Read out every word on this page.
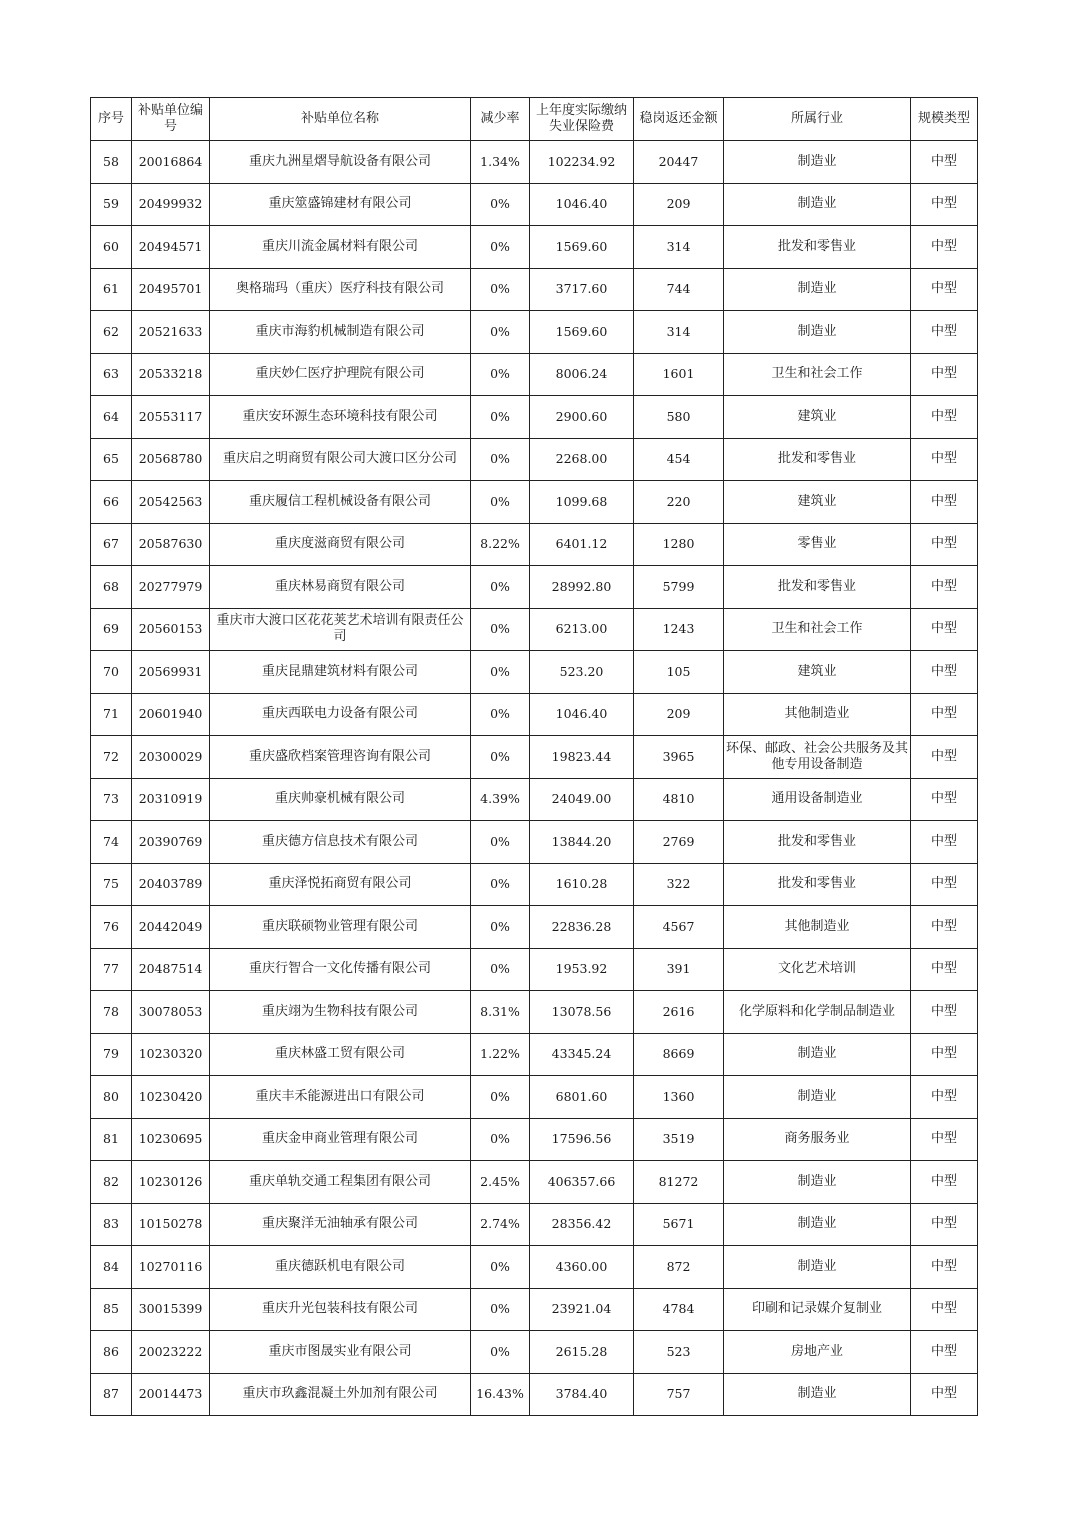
序号	补贴单位编号	补贴单位名称	减少率	上年度实际缴纳失业保险费	稳岗返还金额	所属行业	规模类型
58	20016864	重庆九洲星熠导航设备有限公司	1.34%	102234.92	20447	制造业	中型
59	20499932	重庆筮盛锦建材有限公司	0%	1046.40	209	制造业	中型
60	20494571	重庆川流金属材料有限公司	0%	1569.60	314	批发和零售业	中型
61	20495701	奥格瑞玛（重庆）医疗科技有限公司	0%	3717.60	744	制造业	中型
62	20521633	重庆市海豹机械制造有限公司	0%	1569.60	314	制造业	中型
63	20533218	重庆妙仁医疗护理院有限公司	0%	8006.24	1601	卫生和社会工作	中型
64	20553117	重庆安环源生态环境科技有限公司	0%	2900.60	580	建筑业	中型
65	20568780	重庆启之明商贸有限公司大渡口区分公司	0%	2268.00	454	批发和零售业	中型
66	20542563	重庆履信工程机械设备有限公司	0%	1099.68	220	建筑业	中型
67	20587630	重庆度滋商贸有限公司	8.22%	6401.12	1280	零售业	中型
68	20277979	重庆林易商贸有限公司	0%	28992.80	5799	批发和零售业	中型
69	20560153	重庆市大渡口区花花荚艺术培训有限责任公司	0%	6213.00	1243	卫生和社会工作	中型
70	20569931	重庆昆鼎建筑材料有限公司	0%	523.20	105	建筑业	中型
71	20601940	重庆西联电力设备有限公司	0%	1046.40	209	其他制造业	中型
72	20300029	重庆盛欣档案管理咨询有限公司	0%	19823.44	3965	环保、邮政、社会公共服务及其他专用设备制造	中型
73	20310919	重庆帅豪机械有限公司	4.39%	24049.00	4810	通用设备制造业	中型
74	20390769	重庆德方信息技术有限公司	0%	13844.20	2769	批发和零售业	中型
75	20403789	重庆泽悦拓商贸有限公司	0%	1610.28	322	批发和零售业	中型
76	20442049	重庆联硕物业管理有限公司	0%	22836.28	4567	其他制造业	中型
77	20487514	重庆行智合一文化传播有限公司	0%	1953.92	391	文化艺术培训	中型
78	30078053	重庆翊为生物科技有限公司	8.31%	13078.56	2616	化学原料和化学制品制造业	中型
79	10230320	重庆林盛工贸有限公司	1.22%	43345.24	8669	制造业	中型
80	10230420	重庆丰禾能源进出口有限公司	0%	6801.60	1360	制造业	中型
81	10230695	重庆金申商业管理有限公司	0%	17596.56	3519	商务服务业	中型
82	10230126	重庆单轨交通工程集团有限公司	2.45%	406357.66	81272	制造业	中型
83	10150278	重庆聚洋无油轴承有限公司	2.74%	28356.42	5671	制造业	中型
84	10270116	重庆德跃机电有限公司	0%	4360.00	872	制造业	中型
85	30015399	重庆升光包装科技有限公司	0%	23921.04	4784	印刷和记录媒介复制业	中型
86	20023222	重庆市图晟实业有限公司	0%	2615.28	523	房地产业	中型
87	20014473	重庆市玖鑫混凝土外加剂有限公司	16.43%	3784.40	757	制造业	中型
